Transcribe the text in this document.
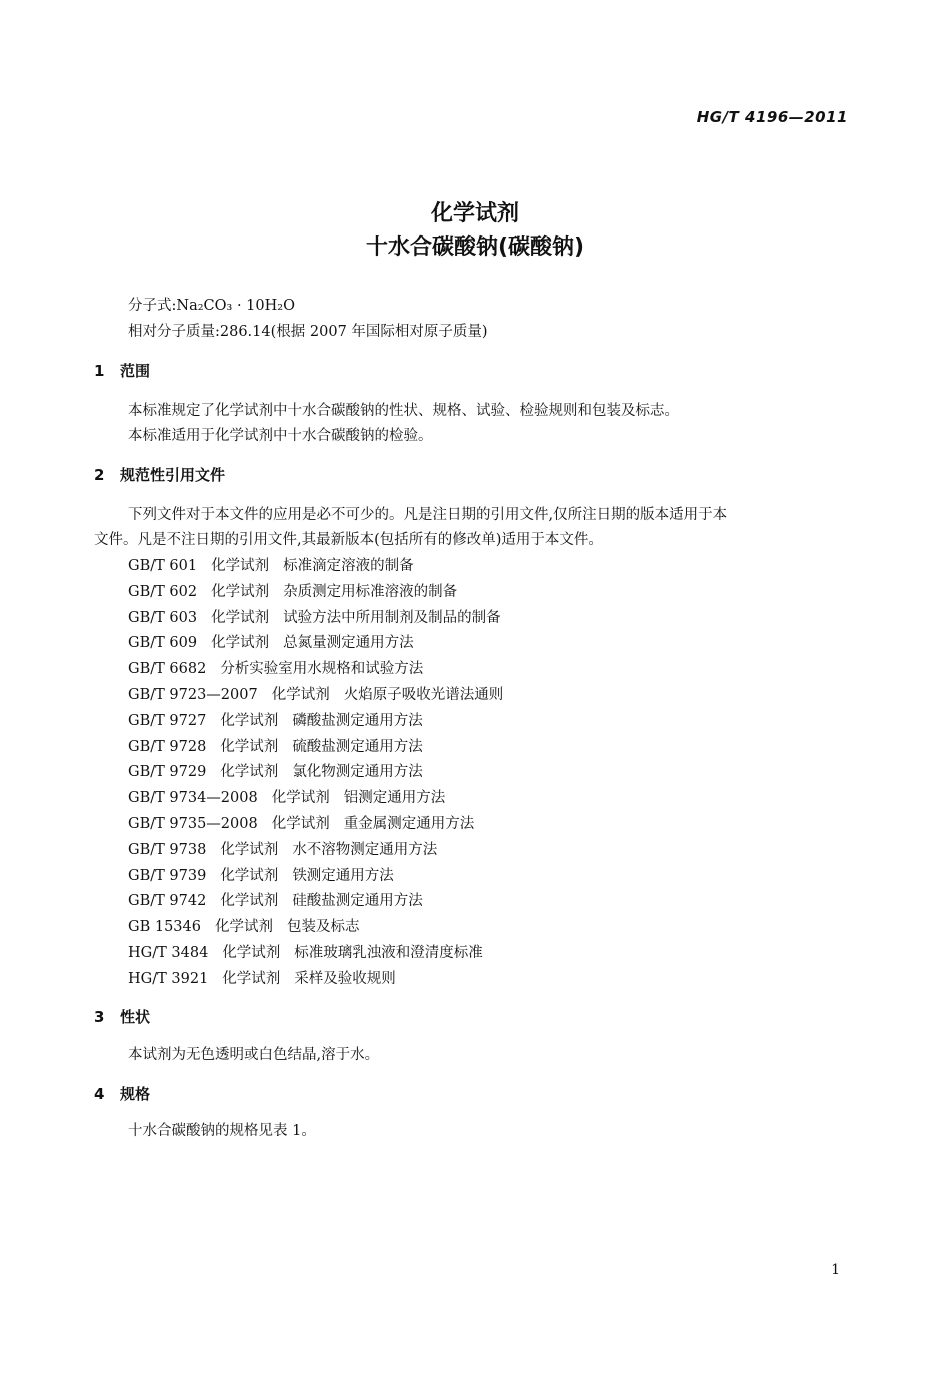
HG/T 4196—2011
化学试剂
十水合碳酸钠(碳酸钠)
分子式:Na₂CO₃ · 10H₂O
相对分子质量:286.14(根据 2007 年国际相对原子质量)
1 范围
本标准规定了化学试剂中十水合碳酸钠的性状、规格、试验、检验规则和包装及标志。
本标准适用于化学试剂中十水合碳酸钠的检验。
2 规范性引用文件
下列文件对于本文件的应用是必不可少的。凡是注日期的引用文件,仅所注日期的版本适用于本
文件。凡是不注日期的引用文件,其最新版本(包括所有的修改单)适用于本文件。
GB/T 601 化学试剂 标准滴定溶液的制备
GB/T 602 化学试剂 杂质测定用标准溶液的制备
GB/T 603 化学试剂 试验方法中所用制剂及制品的制备
GB/T 609 化学试剂 总氮量测定通用方法
GB/T 6682 分析实验室用水规格和试验方法
GB/T 9723—2007 化学试剂 火焰原子吸收光谱法通则
GB/T 9727 化学试剂 磷酸盐测定通用方法
GB/T 9728 化学试剂 硫酸盐测定通用方法
GB/T 9729 化学试剂 氯化物测定通用方法
GB/T 9734—2008 化学试剂 铝测定通用方法
GB/T 9735—2008 化学试剂 重金属测定通用方法
GB/T 9738 化学试剂 水不溶物测定通用方法
GB/T 9739 化学试剂 铁测定通用方法
GB/T 9742 化学试剂 硅酸盐测定通用方法
GB 15346 化学试剂 包装及标志
HG/T 3484 化学试剂 标准玻璃乳浊液和澄清度标准
HG/T 3921 化学试剂 采样及验收规则
3 性状
本试剂为无色透明或白色结晶,溶于水。
4 规格
十水合碳酸钠的规格见表 1。
1
